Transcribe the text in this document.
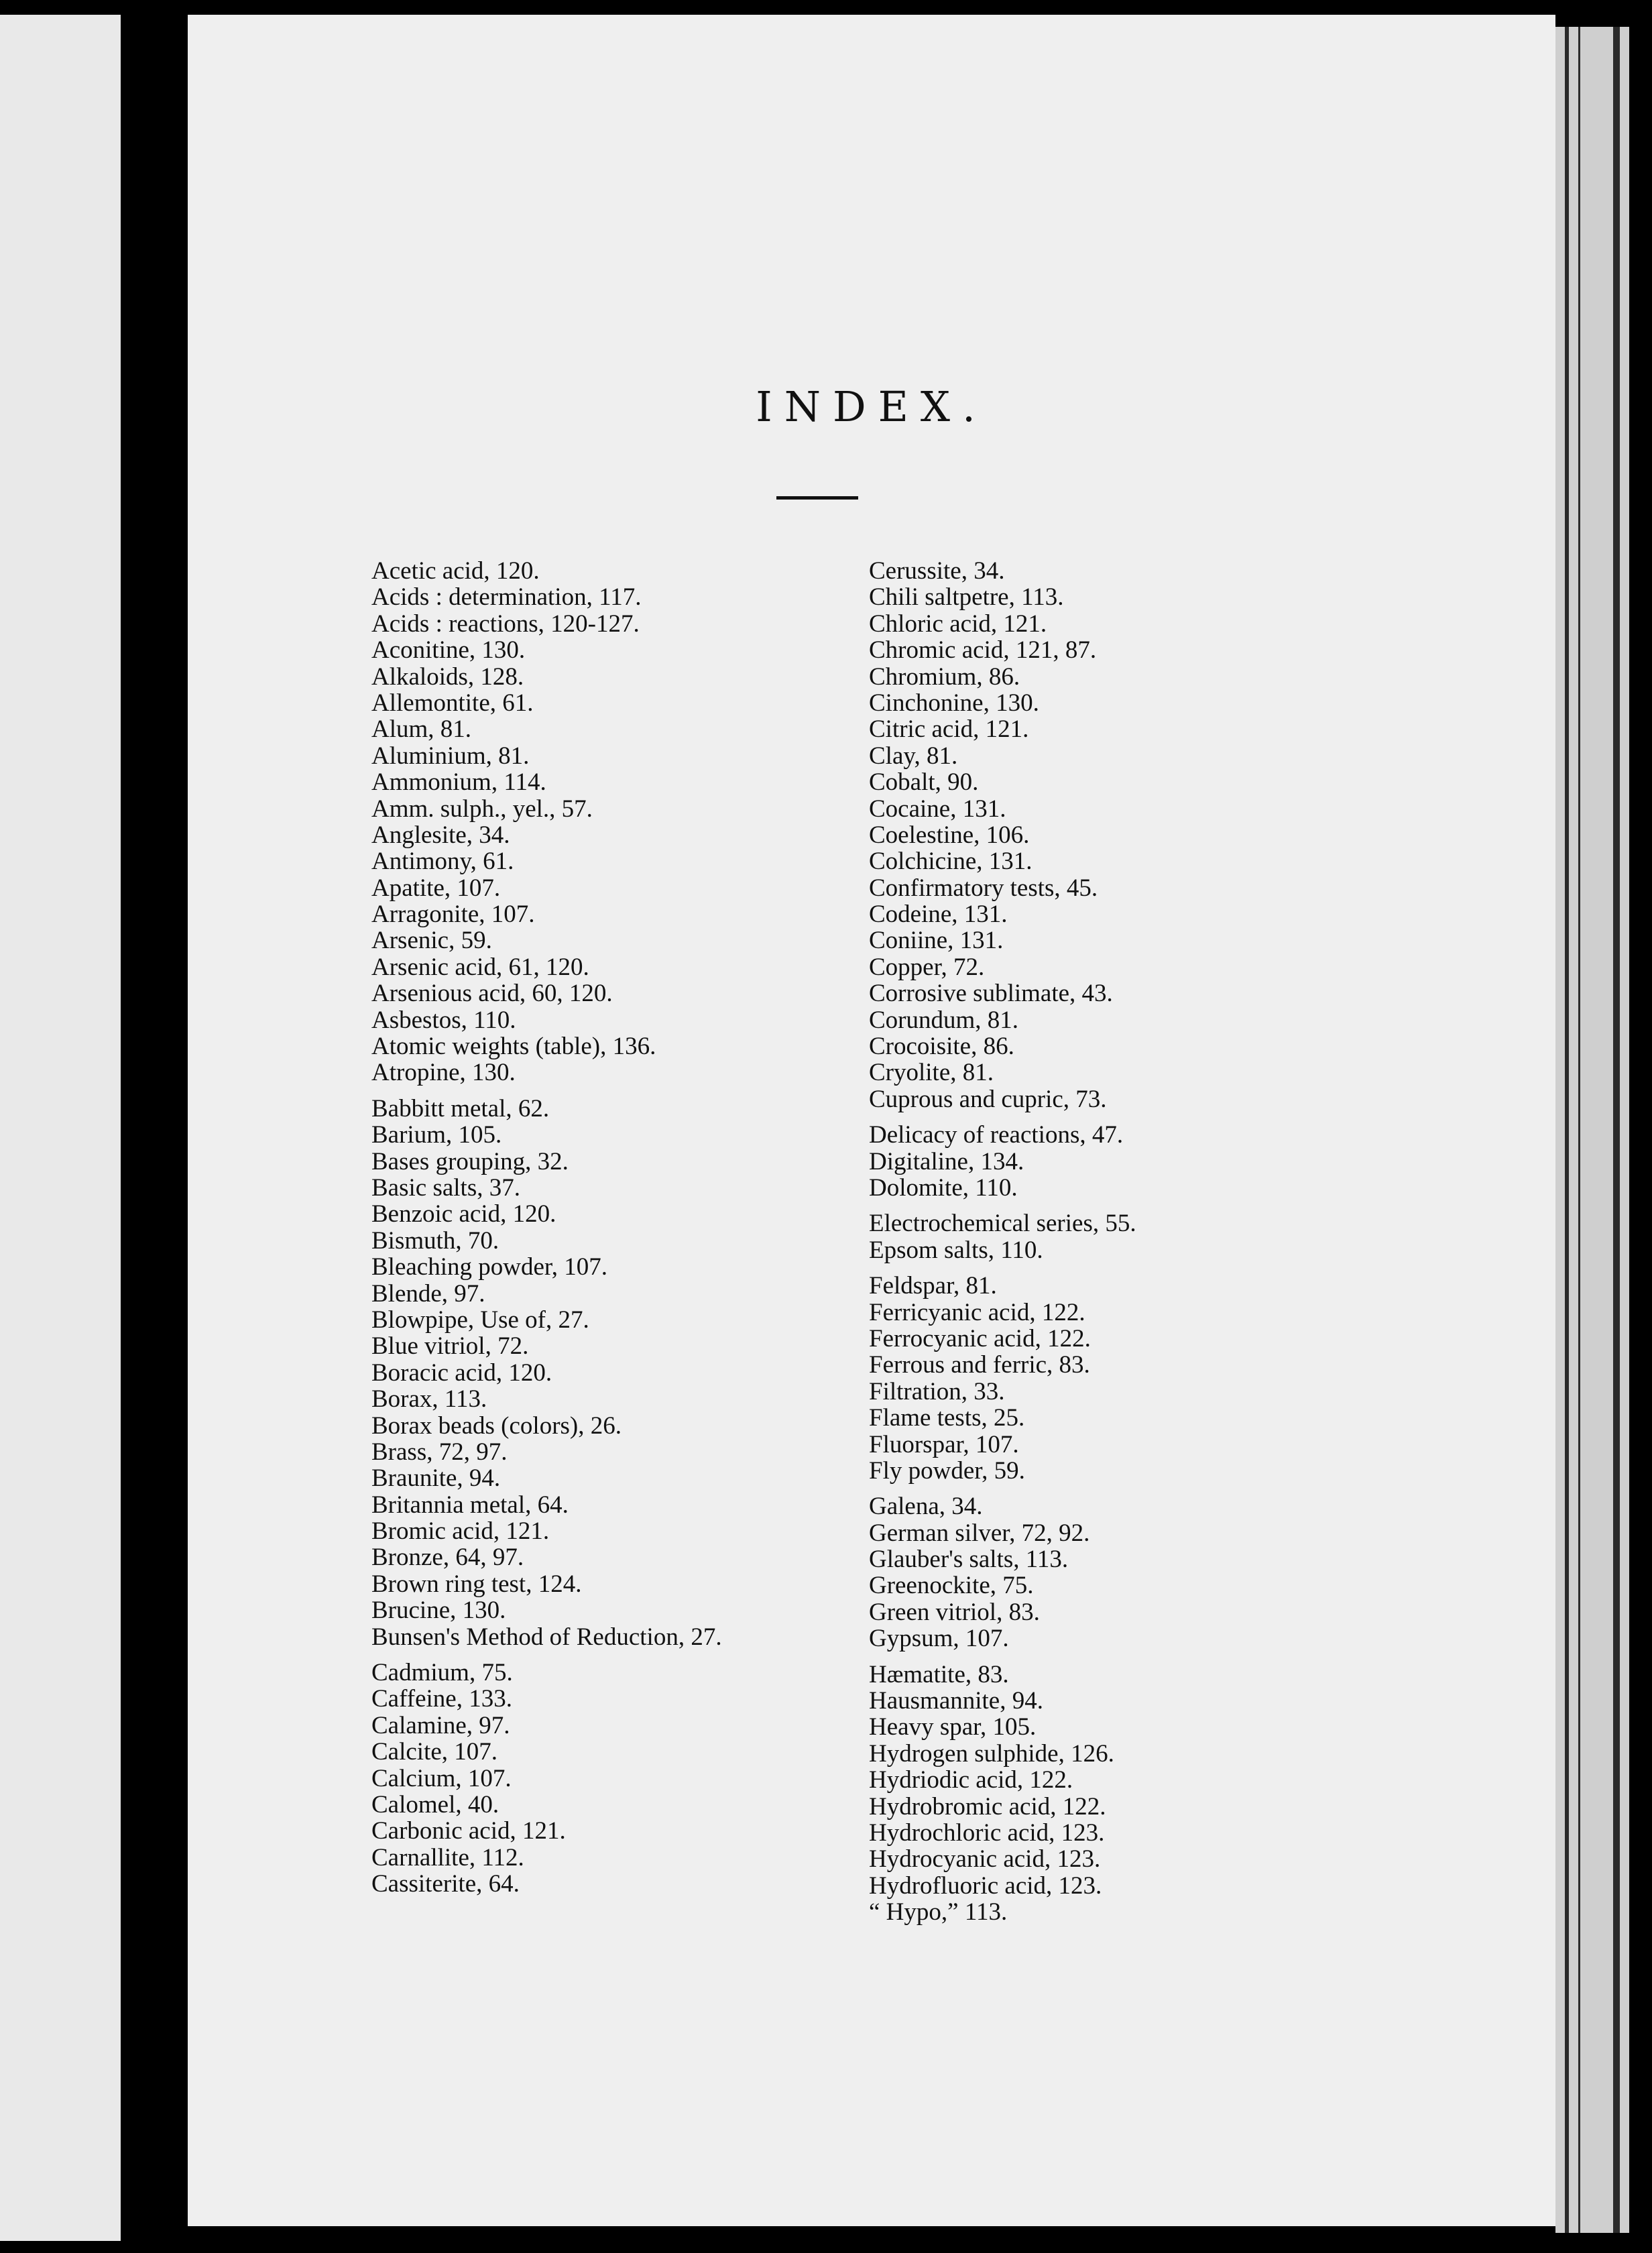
INDEX.
Acetic acid, 120.
Acids : determination, 117.
Acids : reactions, 120-127.
Aconitine, 130.
Alkaloids, 128.
Allemontite, 61.
Alum, 81.
Aluminium, 81.
Ammonium, 114.
Amm. sulph., yel., 57.
Anglesite, 34.
Antimony, 61.
Apatite, 107.
Arragonite, 107.
Arsenic, 59.
Arsenic acid, 61, 120.
Arsenious acid, 60, 120.
Asbestos, 110.
Atomic weights (table), 136.
Atropine, 130.
Babbitt metal, 62.
Barium, 105.
Bases grouping, 32.
Basic salts, 37.
Benzoic acid, 120.
Bismuth, 70.
Bleaching powder, 107.
Blende, 97.
Blowpipe, Use of, 27.
Blue vitriol, 72.
Boracic acid, 120.
Borax, 113.
Borax beads (colors), 26.
Brass, 72, 97.
Braunite, 94.
Britannia metal, 64.
Bromic acid, 121.
Bronze, 64, 97.
Brown ring test, 124.
Brucine, 130.
Bunsen's Method of Reduction, 27.
Cadmium, 75.
Caffeine, 133.
Calamine, 97.
Calcite, 107.
Calcium, 107.
Calomel, 40.
Carbonic acid, 121.
Carnallite, 112.
Cassiterite, 64.
Cerussite, 34.
Chili saltpetre, 113.
Chloric acid, 121.
Chromic acid, 121, 87.
Chromium, 86.
Cinchonine, 130.
Citric acid, 121.
Clay, 81.
Cobalt, 90.
Cocaine, 131.
Coelestine, 106.
Colchicine, 131.
Confirmatory tests, 45.
Codeine, 131.
Coniine, 131.
Copper, 72.
Corrosive sublimate, 43.
Corundum, 81.
Crocoisite, 86.
Cryolite, 81.
Cuprous and cupric, 73.
Delicacy of reactions, 47.
Digitaline, 134.
Dolomite, 110.
Electrochemical series, 55.
Epsom salts, 110.
Feldspar, 81.
Ferricyanic acid, 122.
Ferrocyanic acid, 122.
Ferrous and ferric, 83.
Filtration, 33.
Flame tests, 25.
Fluorspar, 107.
Fly powder, 59.
Galena, 34.
German silver, 72, 92.
Glauber's salts, 113.
Greenockite, 75.
Green vitriol, 83.
Gypsum, 107.
Hæmatite, 83.
Hausmannite, 94.
Heavy spar, 105.
Hydrogen sulphide, 126.
Hydriodic acid, 122.
Hydrobromic acid, 122.
Hydrochloric acid, 123.
Hydrocyanic acid, 123.
Hydrofluoric acid, 123.
“ Hypo,” 113.
